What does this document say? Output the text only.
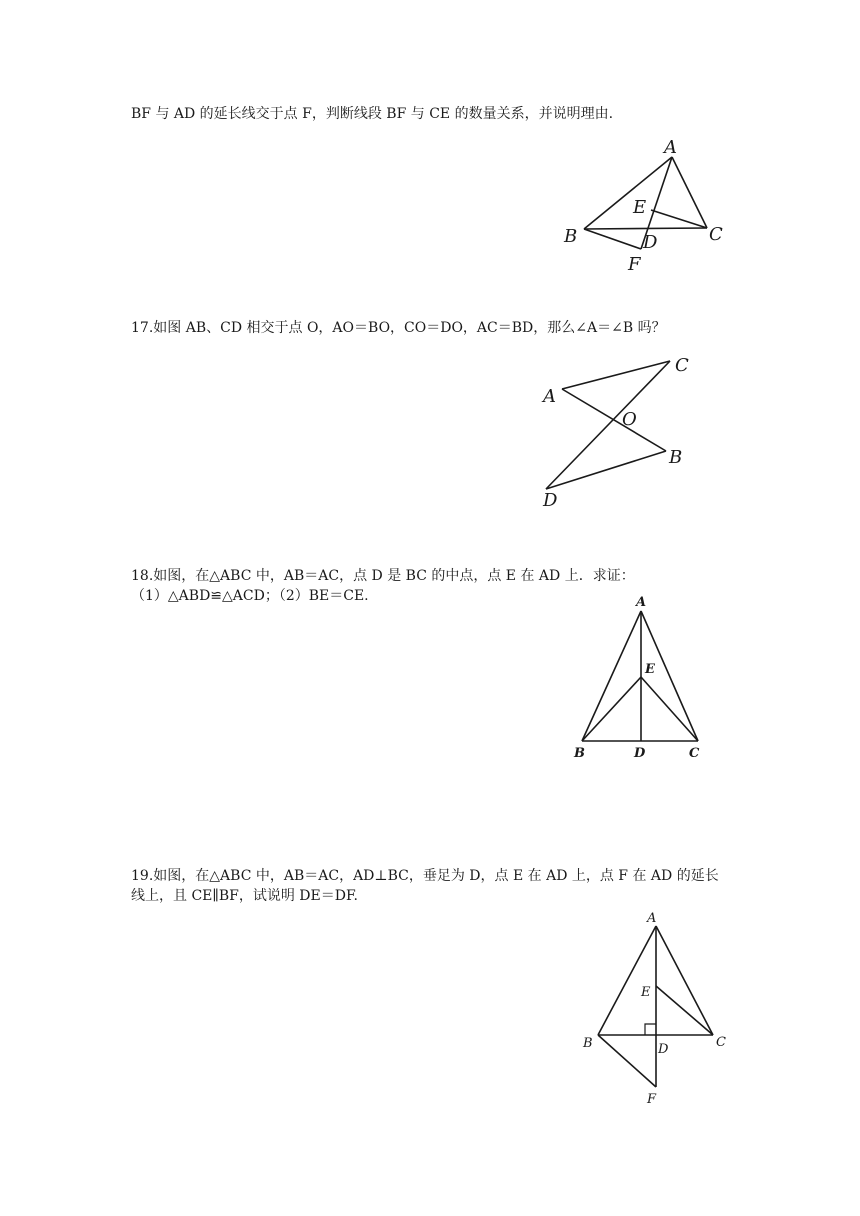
BF 与 AD 的延长线交于点 F，判断线段 BF 与 CE 的数量关系，并说明理由.
A
B	C
D
E
F
17.如图 AB、CD 相交于点 O，AO＝BO，CO＝DO，AC＝BD，那么∠A＝∠B 吗？
A
B
C
D
O
18.如图，在△ABC 中，AB＝AC，点 D 是 BC 的中点，点 E 在 AD 上．求证：
（1）△ABD≌△ACD；（2）BE＝CE.	A
B	C
D
E
19.如图，在△ABC 中，AB＝AC，AD⊥BC，垂足为 D，点 E 在 AD 上，点 F 在 AD 的延长
线上，且 CE∥BF，试说明 DE＝DF.
A
B	C
D
E
F
